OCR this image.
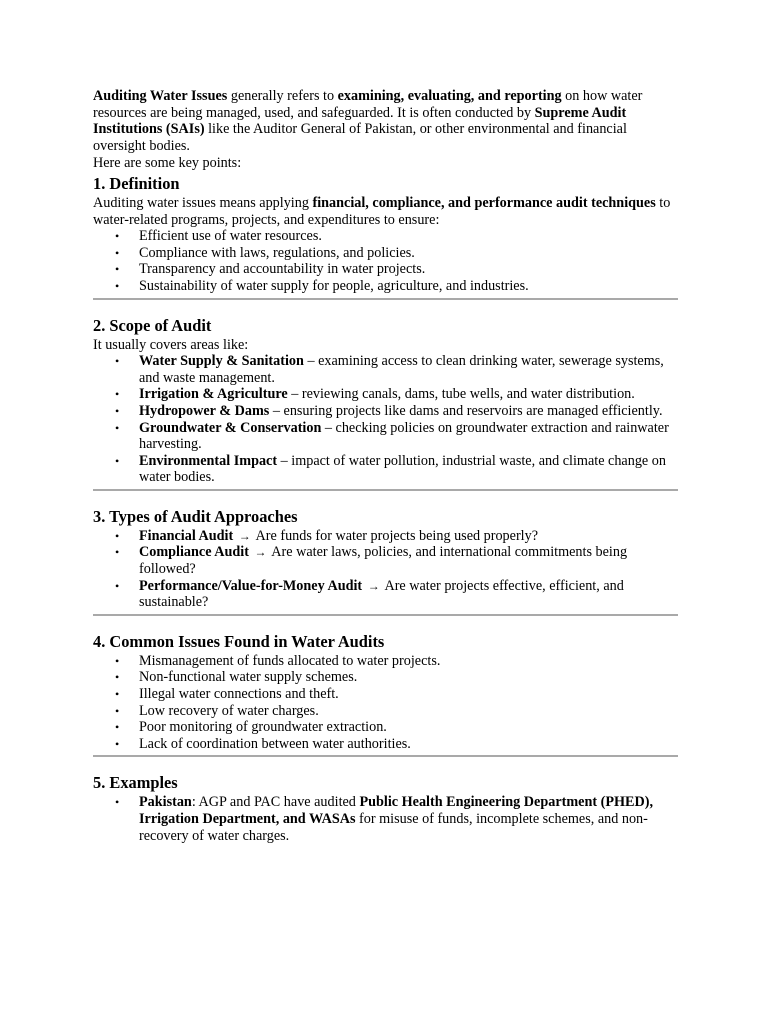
Auditing Water Issues generally refers to examining, evaluating, and reporting on how water resources are being managed, used, and safeguarded. It is often conducted by Supreme Audit Institutions (SAIs) like the Auditor General of Pakistan, or other environmental and financial oversight bodies.

Here are some key points:

1. Definition

Auditing water issues means applying financial, compliance, and performance audit techniques to water-related programs, projects, and expenditures to ensure:

• Efficient use of water resources.
• Compliance with laws, regulations, and policies.
• Transparency and accountability in water projects.
• Sustainability of water supply for people, agriculture, and industries.
2. Scope of Audit

It usually covers areas like:

• Water Supply & Sanitation – examining access to clean drinking water, sewerage systems, and waste management.
• Irrigation & Agriculture – reviewing canals, dams, tube wells, and water distribution.
• Hydropower & Dams – ensuring projects like dams and reservoirs are managed efficiently.
• Groundwater & Conservation – checking policies on groundwater extraction and rainwater harvesting.
• Environmental Impact – impact of water pollution, industrial waste, and climate change on water bodies.
3. Types of Audit Approaches
• Financial Audit → Are funds for water projects being used properly?
• Compliance Audit → Are water laws, policies, and international commitments being followed?
• Performance/Value-for-Money Audit → Are water projects effective, efficient, and sustainable?
4. Common Issues Found in Water Audits
• Mismanagement of funds allocated to water projects.
• Non-functional water supply schemes.
• Illegal water connections and theft.
• Low recovery of water charges.
• Poor monitoring of groundwater extraction.
• Lack of coordination between water authorities.
5. Examples
• Pakistan: AGP and PAC have audited Public Health Engineering Department (PHED), Irrigation Department, and WASAs for misuse of funds, incomplete schemes, and non-recovery of water charges.
